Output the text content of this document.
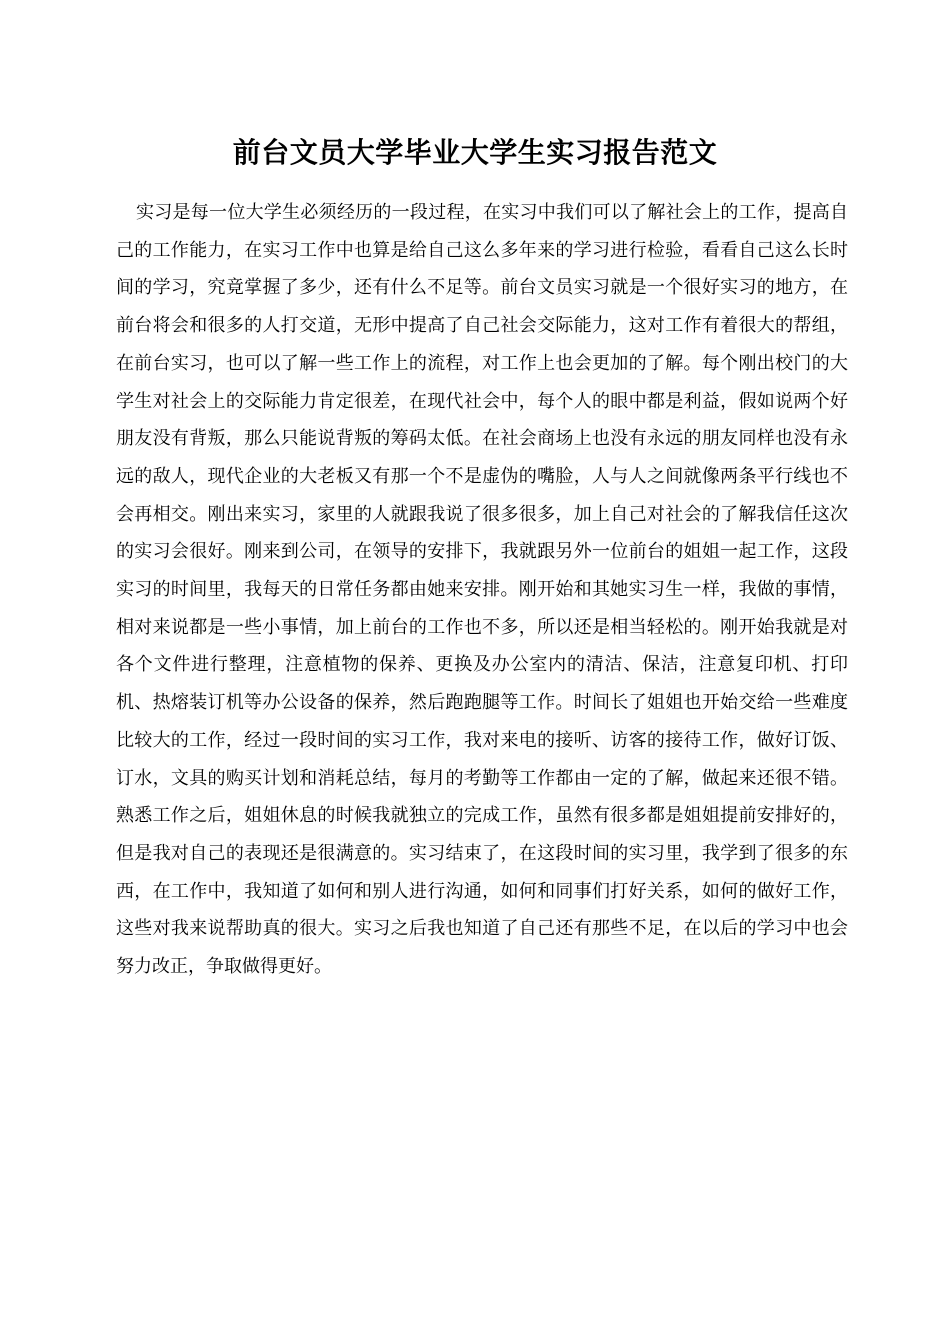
前台文员大学毕业大学生实习报告范文

实习是每一位大学生必须经历的一段过程，在实习中我们可以了解社会上的工作，提高自己的工作能力，在实习工作中也算是给自己这么多年来的学习进行检验，看看自己这么长时间的学习，究竟掌握了多少，还有什么不足等。前台文员实习就是一个很好实习的地方，在前台将会和很多的人打交道，无形中提高了自己社会交际能力，这对工作有着很大的帮组，在前台实习，也可以了解一些工作上的流程，对工作上也会更加的了解。每个刚出校门的大学生对社会上的交际能力肯定很差，在现代社会中，每个人的眼中都是利益，假如说两个好朋友没有背叛，那么只能说背叛的筹码太低。在社会商场上也没有永远的朋友同样也没有永远的敌人，现代企业的大老板又有那一个不是虚伪的嘴脸，人与人之间就像两条平行线也不会再相交。刚出来实习，家里的人就跟我说了很多很多，加上自己对社会的了解我信任这次的实习会很好。刚来到公司，在领导的安排下，我就跟另外一位前台的姐姐一起工作，这段实习的时间里，我每天的日常任务都由她来安排。刚开始和其她实习生一样，我做的事情，相对来说都是一些小事情，加上前台的工作也不多，所以还是相当轻松的。刚开始我就是对各个文件进行整理，注意植物的保养、更换及办公室内的清洁、保洁，注意复印机、打印机、热熔装订机等办公设备的保养，然后跑跑腿等工作。时间长了姐姐也开始交给一些难度比较大的工作，经过一段时间的实习工作，我对来电的接听、访客的接待工作，做好订饭、订水，文具的购买计划和消耗总结，每月的考勤等工作都由一定的了解，做起来还很不错。熟悉工作之后，姐姐休息的时候我就独立的完成工作，虽然有很多都是姐姐提前安排好的，但是我对自己的表现还是很满意的。实习结束了，在这段时间的实习里，我学到了很多的东西，在工作中，我知道了如何和别人进行沟通，如何和同事们打好关系，如何的做好工作，这些对我来说帮助真的很大。实习之后我也知道了自己还有那些不足，在以后的学习中也会努力改正，争取做得更好。
